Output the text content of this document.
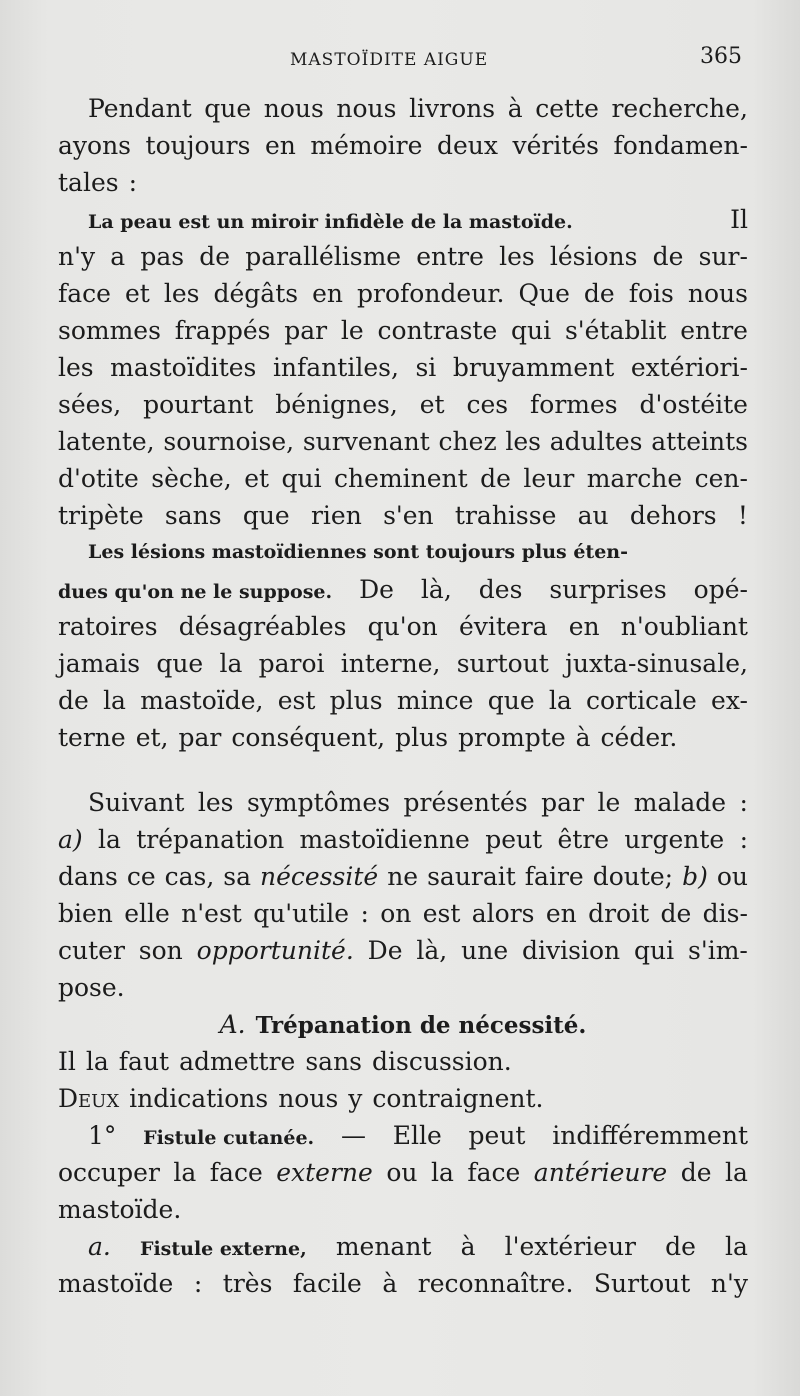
MASTOÏDITE AIGUE	365
Pendant que nous nous livrons à cette recherche,
ayons toujours en mémoire deux vérités fondamen-
tales :
La peau est un miroir infidèle de la mastoïde.	Il
n'y a pas de parallélisme entre les lésions de sur-
face et les dégâts en profondeur. Que de fois nous
sommes frappés par le contraste qui s'établit entre
les mastoïdites infantiles, si bruyamment extériori-
sées, pourtant bénignes, et ces formes d'ostéite
latente, sournoise, survenant chez les adultes atteints
d'otite sèche, et qui cheminent de leur marche cen-
tripète sans que rien s'en trahisse au dehors !
Les lésions mastoïdiennes sont toujours plus éten-
dues qu'on ne le suppose. De là, des surprises opé-
ratoires désagréables qu'on évitera en n'oubliant
jamais que la paroi interne, surtout juxta-sinusale,
de la mastoïde, est plus mince que la corticale ex-
terne et, par conséquent, plus prompte à céder.
Suivant les symptômes présentés par le malade :
a) la trépanation mastoïdienne peut être urgente :
dans ce cas, sa nécessité ne saurait faire doute; b) ou
bien elle n'est qu'utile : on est alors en droit de dis-
cuter son opportunité. De là, une division qui s'im-
pose.
A. Trépanation de nécessité.
Il la faut admettre sans discussion.
Deux indications nous y contraignent.
1° Fistule cutanée. — Elle peut indifféremment
occuper la face externe ou la face antérieure de la
mastoïde.
a. Fistule externe, menant à l'extérieur de la
mastoïde : très facile à reconnaître. Surtout n'y
